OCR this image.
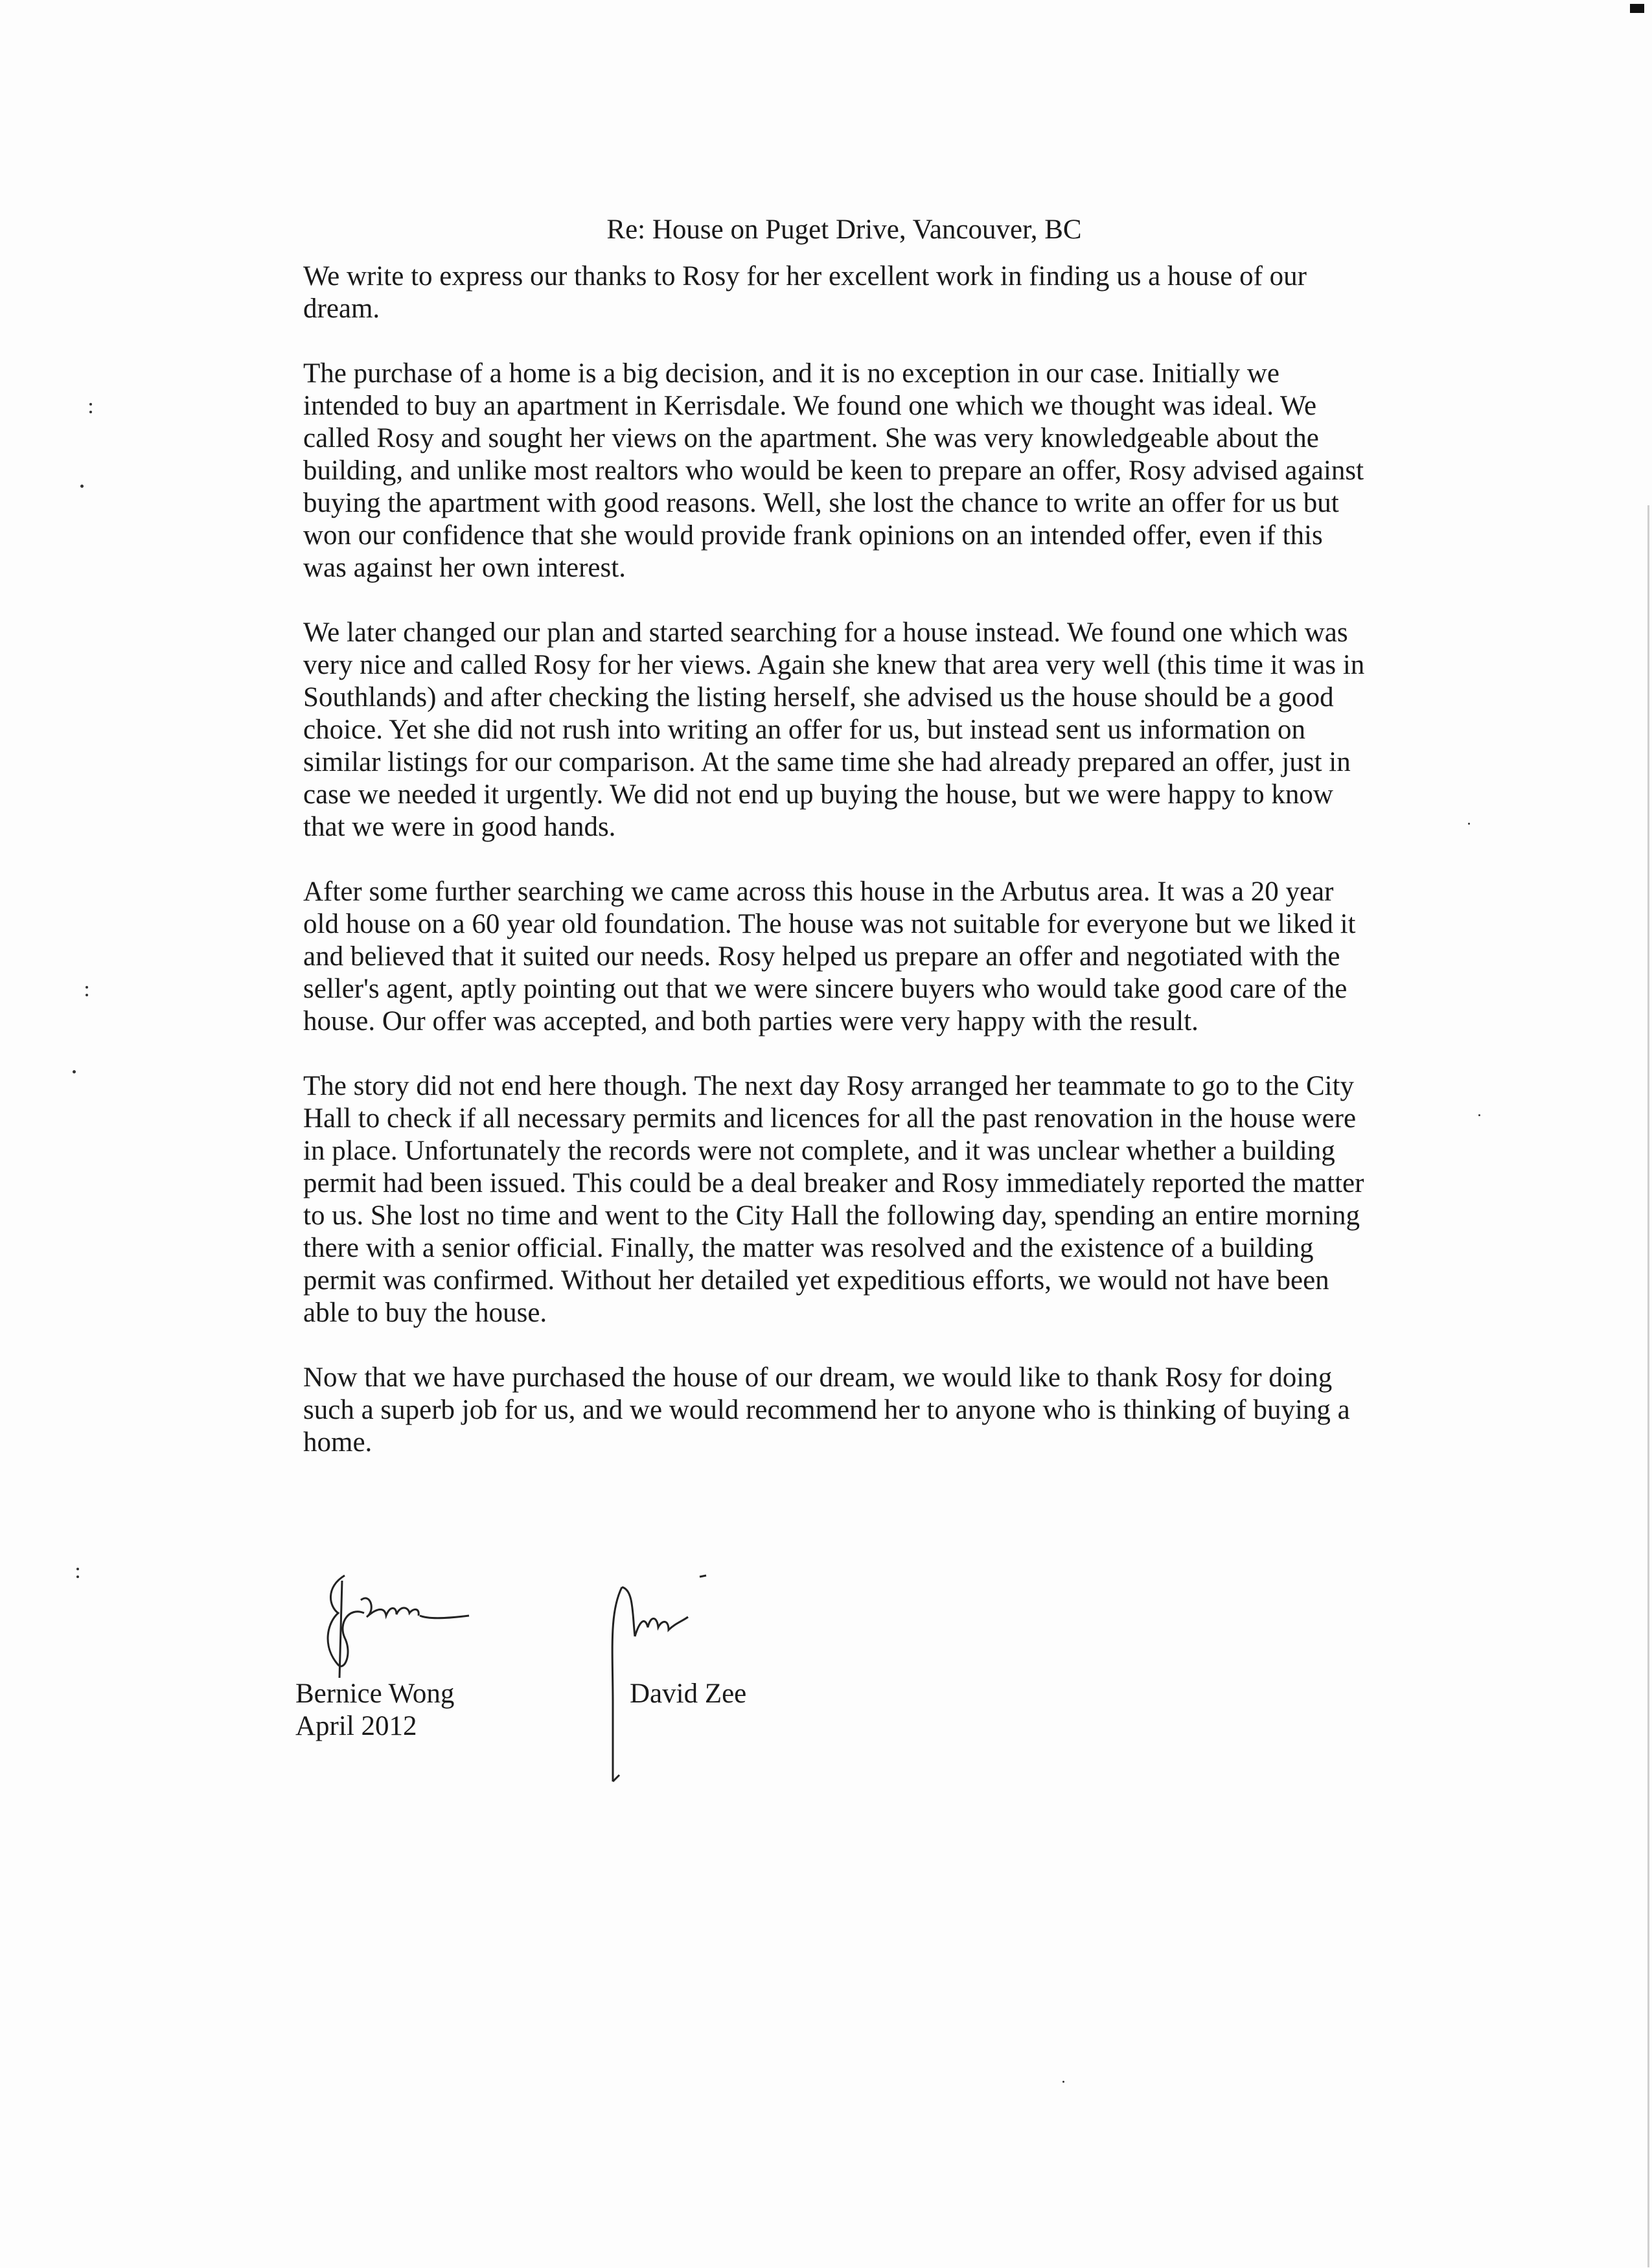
Re: House on Puget Drive, Vancouver, BC
We write to express our thanks to Rosy for her excellent work in finding us a house of our dream.
The purchase of a home is a big decision, and it is no exception in our case. Initially we intended to buy an apartment in Kerrisdale. We found one which we thought was ideal. We called Rosy and sought her views on the apartment. She was very knowledgeable about the building, and unlike most realtors who would be keen to prepare an offer, Rosy advised against buying the apartment with good reasons. Well, she lost the chance to write an offer for us but won our confidence that she would provide frank opinions on an intended offer, even if this was against her own interest.
We later changed our plan and started searching for a house instead. We found one which was very nice and called Rosy for her views. Again she knew that area very well (this time it was in Southlands) and after checking the listing herself, she advised us the house should be a good choice. Yet she did not rush into writing an offer for us, but instead sent us information on similar listings for our comparison. At the same time she had already prepared an offer, just in case we needed it urgently. We did not end up buying the house, but we were happy to know that we were in good hands.
After some further searching we came across this house in the Arbutus area. It was a 20 year old house on a 60 year old foundation. The house was not suitable for everyone but we liked it and believed that it suited our needs. Rosy helped us prepare an offer and negotiated with the seller's agent, aptly pointing out that we were sincere buyers who would take good care of the house. Our offer was accepted, and both parties were very happy with the result.
The story did not end here though. The next day Rosy arranged her teammate to go to the City Hall to check if all necessary permits and licences for all the past renovation in the house were in place. Unfortunately the records were not complete, and it was unclear whether a building permit had been issued. This could be a deal breaker and Rosy immediately reported the matter to us. She lost no time and went to the City Hall the following day, spending an entire morning there with a senior official. Finally, the matter was resolved and the existence of a building permit was confirmed. Without her detailed yet expeditious efforts, we would not have been able to buy the house.
Now that we have purchased the house of our dream, we would like to thank Rosy for doing such a superb job for us, and we would recommend her to anyone who is thinking of buying a home.
Bernice Wong
April 2012
David Zee
